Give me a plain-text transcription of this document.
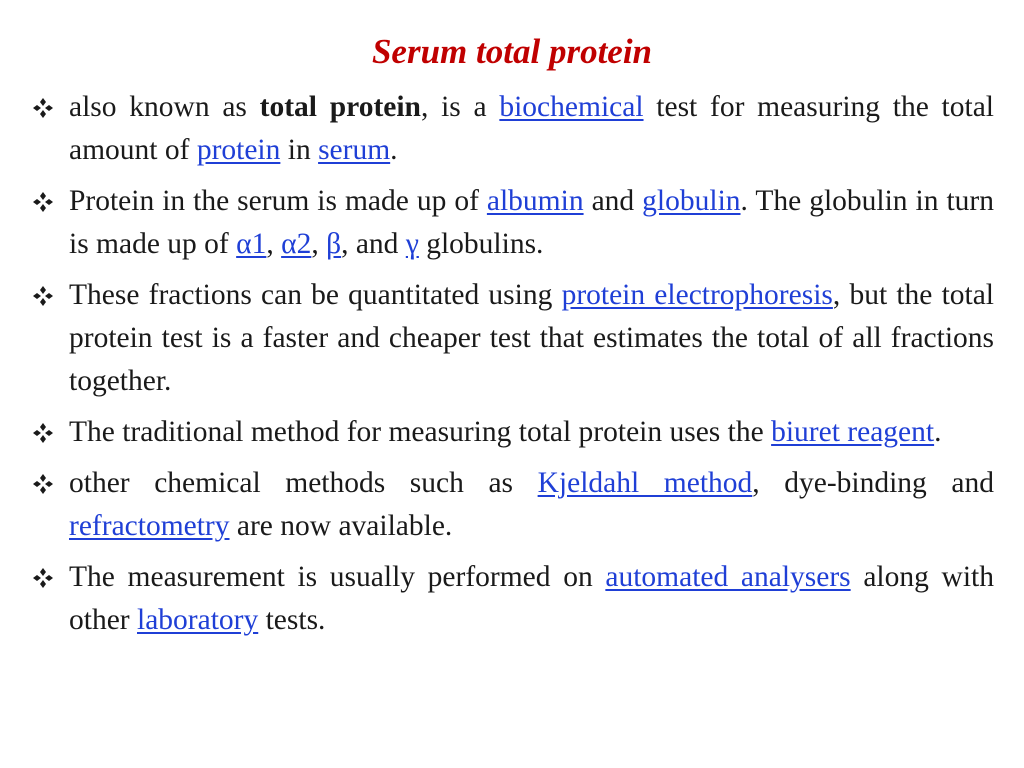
Serum total protein
also known as total protein, is a biochemical test for measuring the total amount of protein in serum.
Protein in the serum is made up of albumin and globulin. The globulin in turn is made up of α1, α2, β, and γ globulins.
These fractions can be quantitated using protein electrophoresis, but the total protein test is a faster and cheaper test that estimates the total of all fractions together.
The traditional method for measuring total protein uses the biuret reagent.
other chemical methods such as Kjeldahl method, dye-binding and refractometry are now available.
The measurement is usually performed on automated analysers along with other laboratory tests.
